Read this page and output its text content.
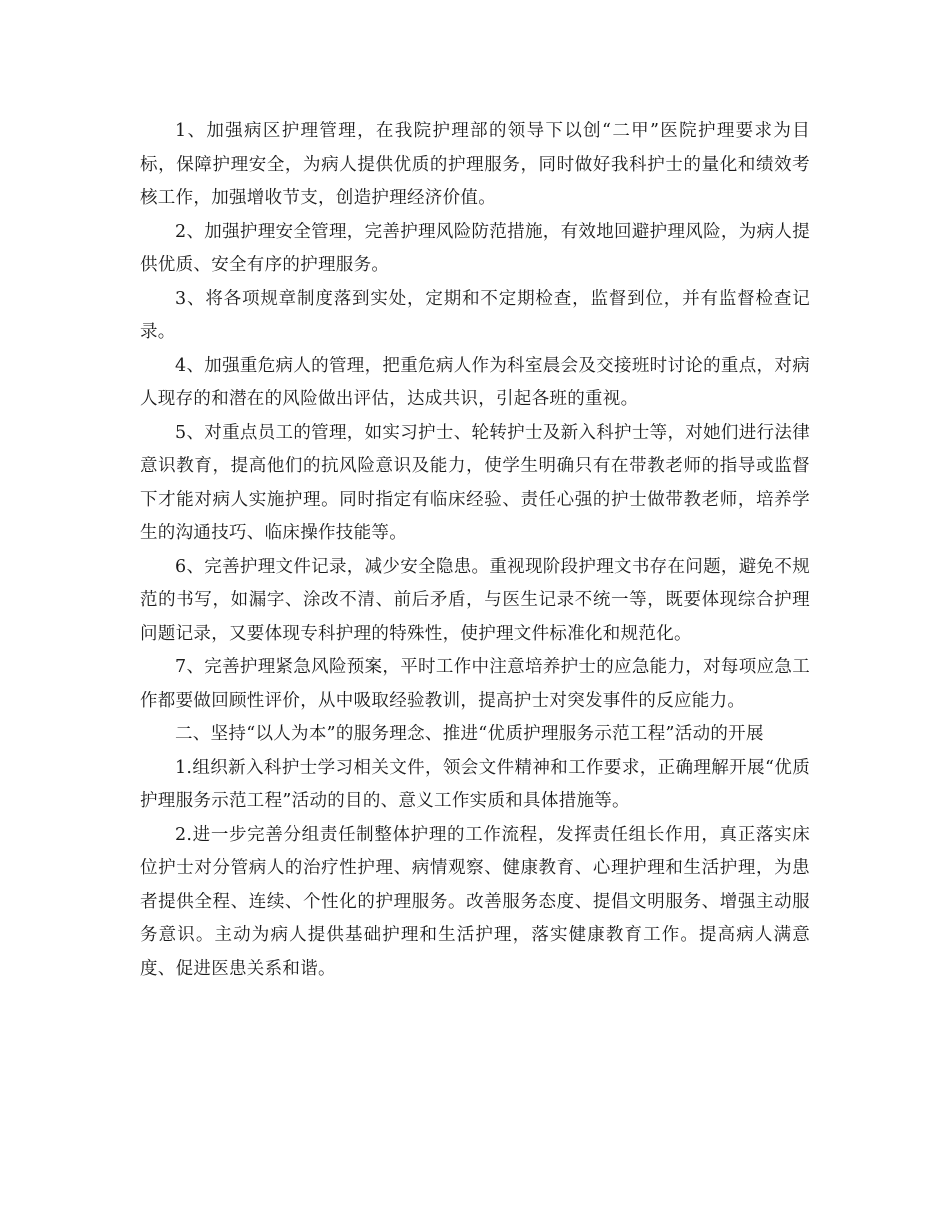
1、加强病区护理管理，在我院护理部的领导下以创“二甲”医院护理要求为目标，保障护理安全，为病人提供优质的护理服务，同时做好我科护士的量化和绩效考核工作，加强增收节支，创造护理经济价值。

2、加强护理安全管理，完善护理风险防范措施，有效地回避护理风险，为病人提供优质、安全有序的护理服务。

3、将各项规章制度落到实处，定期和不定期检查，监督到位，并有监督检查记录。

4、加强重危病人的管理，把重危病人作为科室晨会及交接班时讨论的重点，对病人现存的和潜在的风险做出评估，达成共识，引起各班的重视。

5、对重点员工的管理，如实习护士、轮转护士及新入科护士等，对她们进行法律意识教育，提高他们的抗风险意识及能力，使学生明确只有在带教老师的指导或监督下才能对病人实施护理。同时指定有临床经验、责任心强的护士做带教老师，培养学生的沟通技巧、临床操作技能等。

6、完善护理文件记录，减少安全隐患。重视现阶段护理文书存在问题，避免不规范的书写，如漏字、涂改不清、前后矛盾，与医生记录不统一等，既要体现综合护理问题记录，又要体现专科护理的特殊性，使护理文件标准化和规范化。

7、完善护理紧急风险预案，平时工作中注意培养护士的应急能力，对每项应急工作都要做回顾性评价，从中吸取经验教训，提高护士对突发事件的反应能力。

二、坚持“以人为本”的服务理念、推进“优质护理服务示范工程”活动的开展

1.组织新入科护士学习相关文件，领会文件精神和工作要求，正确理解开展“优质护理服务示范工程”活动的目的、意义工作实质和具体措施等。

2.进一步完善分组责任制整体护理的工作流程，发挥责任组长作用，真正落实床位护士对分管病人的治疗性护理、病情观察、健康教育、心理护理和生活护理，为患者提供全程、连续、个性化的护理服务。改善服务态度、提倡文明服务、增强主动服务意识。主动为病人提供基础护理和生活护理，落实健康教育工作。提高病人满意度、促进医患关系和谐。
